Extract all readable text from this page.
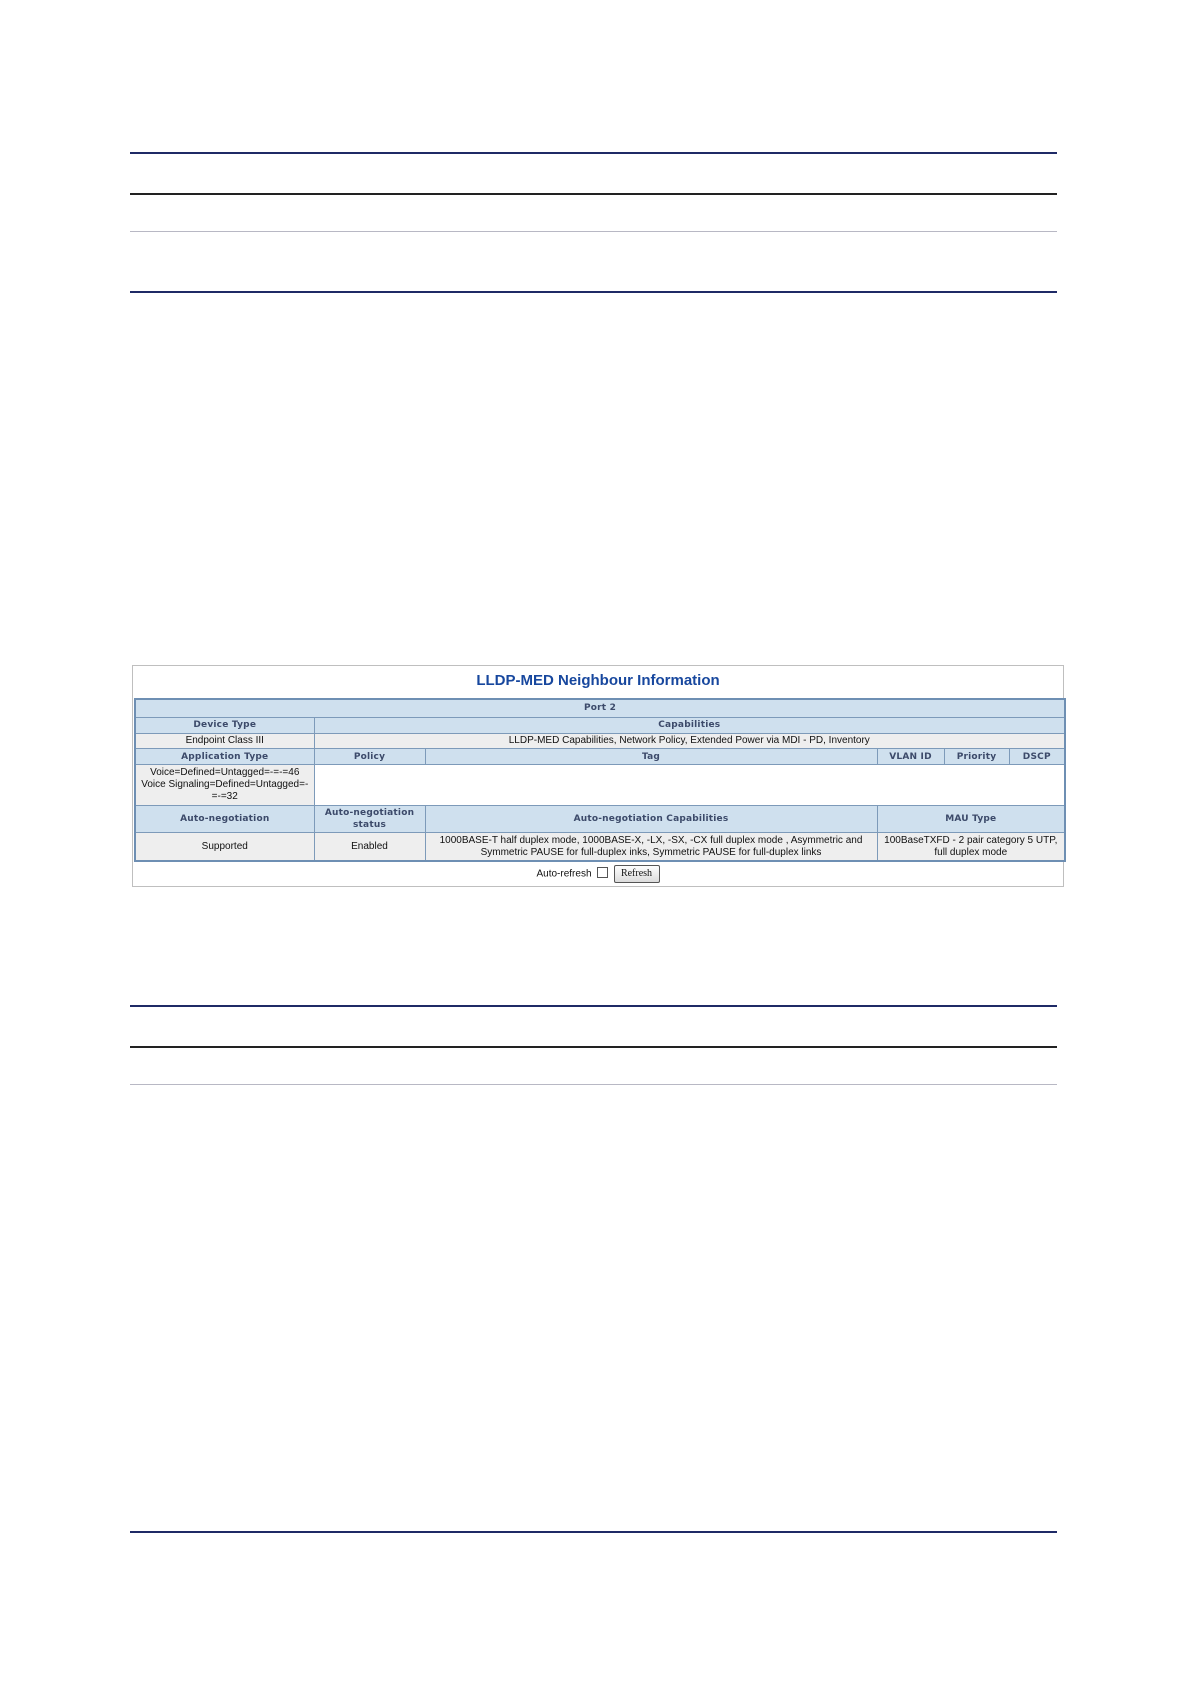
LLDP-MED Neighbour Information
Port 2					
Device Type	Capabilities				
Endpoint Class III	LLDP-MED Capabilities, Network Policy, Extended Power via MDI - PD, Inventory				
Application Type	Policy	Tag	VLAN ID	Priority	DSCP
Voice=Defined=Untagged=-=-=46 Voice Signaling=Defined=Untagged=-=-=32					
Auto-negotiation	Auto-negotiation status	Auto-negotiation Capabilities	MAU Type		
Supported	Enabled	1000BASE-T half duplex mode, 1000BASE-X, -LX, -SX, -CX full duplex mode , Asymmetric and Symmetric PAUSE for full-duplex inks, Symmetric PAUSE for full-duplex links	100BaseTXFD - 2 pair category 5 UTP, full duplex mode		
Auto-refresh	Refresh
